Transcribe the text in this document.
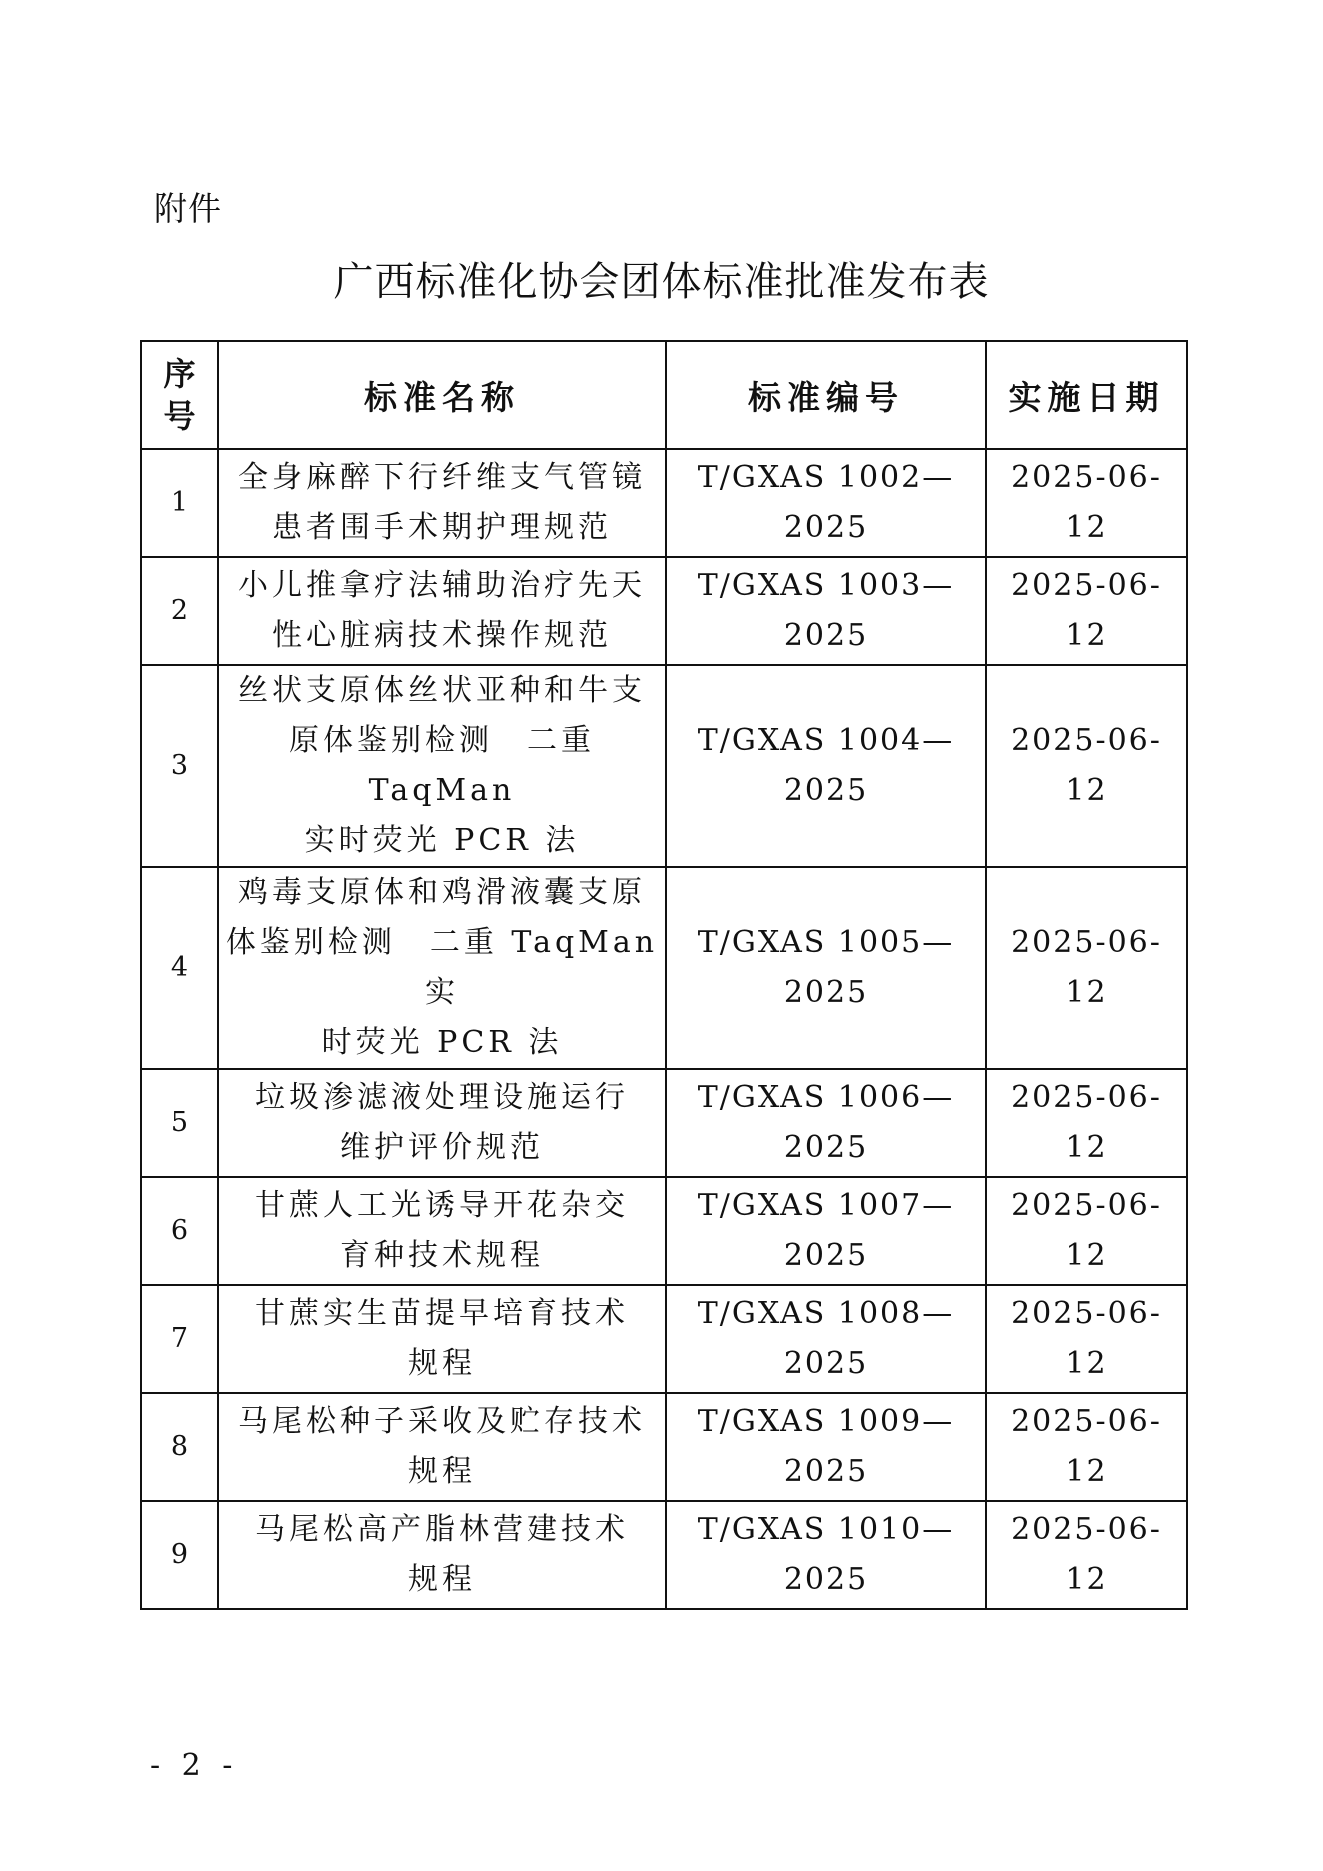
附件
广西标准化协会团体标准批准发布表
序
号	标准名称	标准编号	实施日期
1	全身麻醉下行纤维支气管镜
患者围手术期护理规范	T/GXAS 1002—2025	2025-06-12
2	小儿推拿疗法辅助治疗先天
性心脏病技术操作规范	T/GXAS 1003—2025	2025-06-12
3	丝状支原体丝状亚种和牛支
原体鉴别检测　二重 TaqMan
实时荧光 PCR 法	T/GXAS 1004—2025	2025-06-12
4	鸡毒支原体和鸡滑液囊支原
体鉴别检测　二重 TaqMan 实
时荧光 PCR 法	T/GXAS 1005—2025	2025-06-12
5	垃圾渗滤液处理设施运行
维护评价规范	T/GXAS 1006—2025	2025-06-12
6	甘蔗人工光诱导开花杂交
育种技术规程	T/GXAS 1007—2025	2025-06-12
7	甘蔗实生苗提早培育技术
规程	T/GXAS 1008—2025	2025-06-12
8	马尾松种子采收及贮存技术
规程	T/GXAS 1009—2025	2025-06-12
9	马尾松高产脂林营建技术
规程	T/GXAS 1010—2025	2025-06-12
- 2 -
